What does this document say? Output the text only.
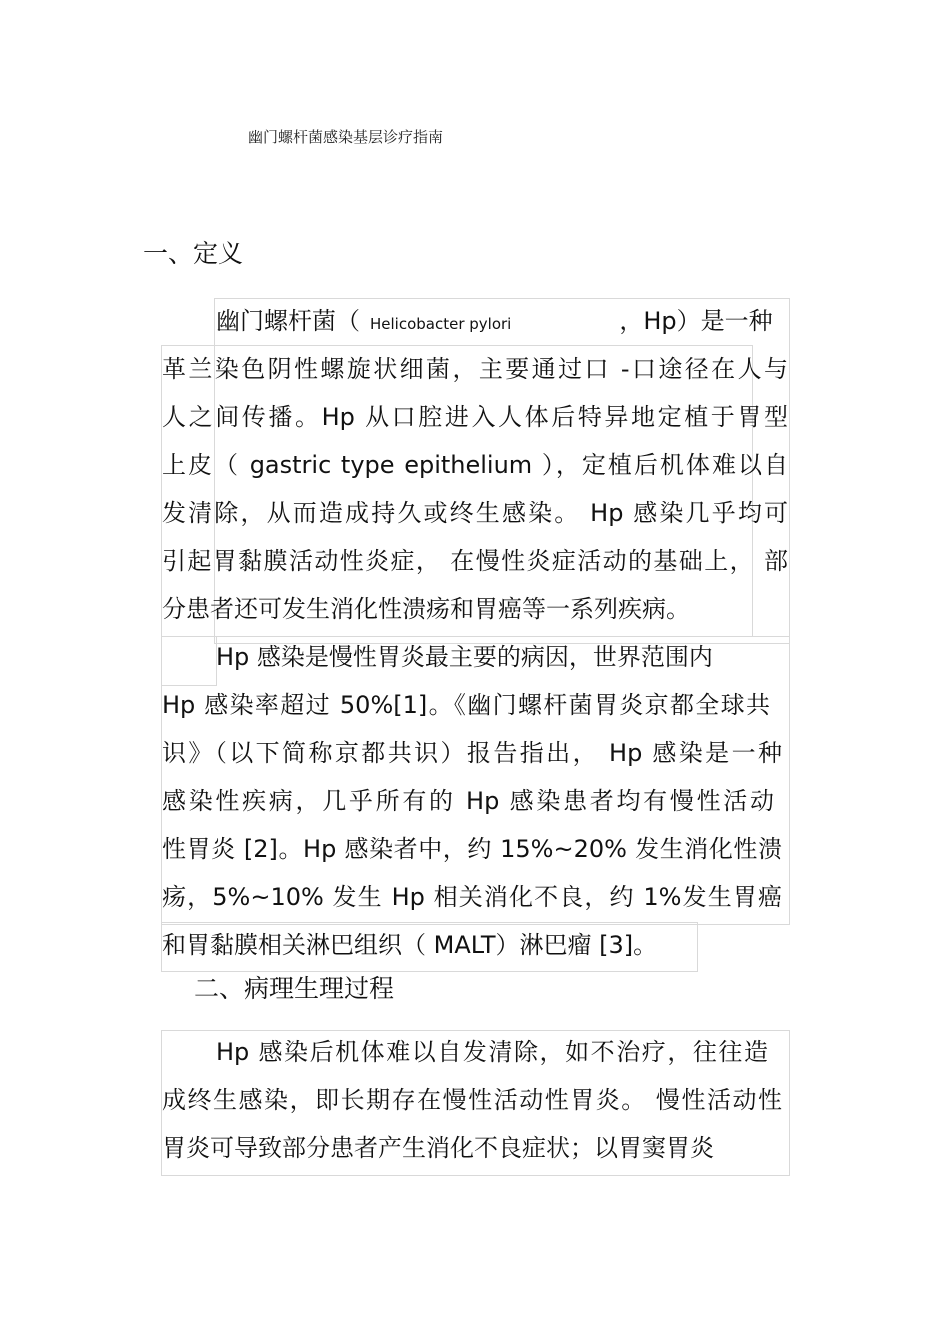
幽门螺杆菌感染基层诊疗指南
一、定义
幽门螺杆菌（ Helicobacter pylori	，Hp）是一种
革兰染色阴性螺旋状细菌，主要通过口 -口途径在人与
人之间传播。Hp 从口腔进入人体后特异地定植于胃型
上皮（ gastric type epithelium ），定植后机体难以自
发清除，从而造成持久或终生感染。 Hp 感染几乎均可
引起胃黏膜活动性炎症， 在慢性炎症活动的基础上， 部
分患者还可发生消化性溃疡和胃癌等一系列疾病。
Hp 感染是慢性胃炎最主要的病因，世界范围内
Hp 感染率超过 50%[1]。《幽门螺杆菌胃炎京都全球共
识》（以下简称京都共识）报告指出， Hp 感染是一种
感染性疾病，几乎所有的 Hp 感染患者均有慢性活动
性胃炎 [2]。Hp 感染者中，约 15%~20% 发生消化性溃
疡，5%~10% 发生 Hp 相关消化不良，约 1%发生胃癌
和胃黏膜相关淋巴组织（ MALT）淋巴瘤 [3]。
二、病理生理过程
Hp 感染后机体难以自发清除，如不治疗，往往造
成终生感染，即长期存在慢性活动性胃炎。 慢性活动性
胃炎可导致部分患者产生消化不良症状；以胃窦胃炎
